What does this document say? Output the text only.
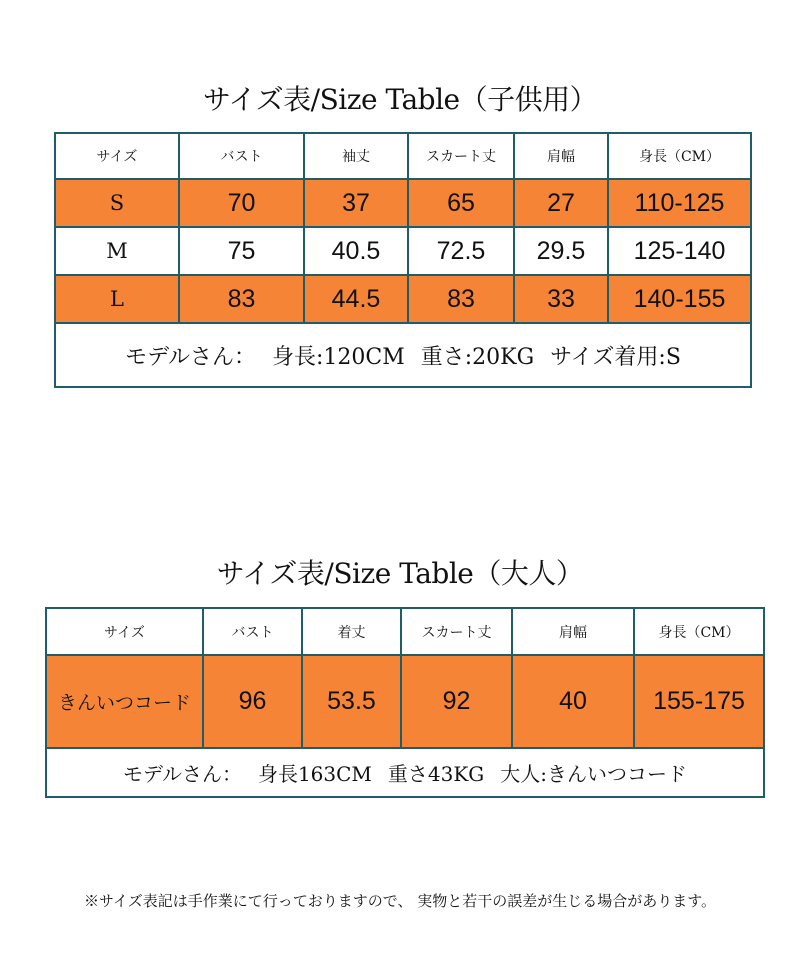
サイズ表/Size Table（子供用）
サイズ	バスト	袖丈	スカート丈	肩幅	身長（CM）
S	70	37	65	27	110-125
M	75	40.5	72.5	29.5	125-140
L	83	44.5	83	33	140-155
モデルさん： 身長:120CM 重さ:20KG サイズ着用:S					
サイズ表/Size Table（大人）
サイズ	バスト	着丈	スカート丈	肩幅	身長（CM）
きんいつコード	96	53.5	92	40	155-175
モデルさん： 身長163CM 重さ43KG 大人:きんいつコード					
※サイズ表記は手作業にて行っておりますので、 実物と若干の誤差が生じる場合があります。
